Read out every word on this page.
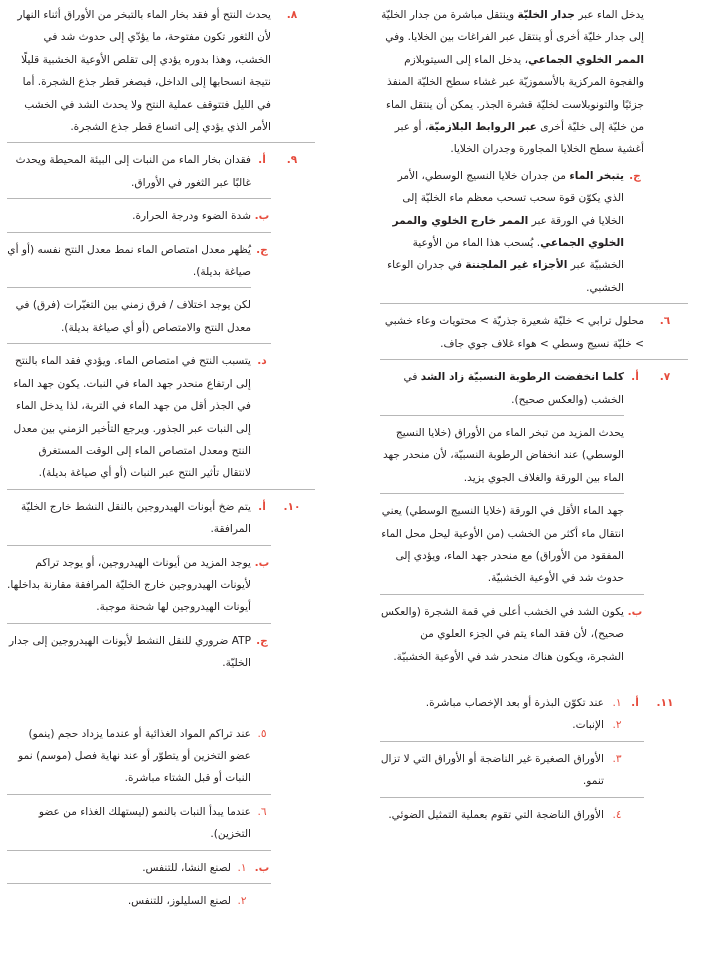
يدخل الماء عبر جدار الخليّة وينتقل مباشرة من جدار الخليّة إلى جدار خليّة أخرى أو ينتقل عبر الفراغات بين الخلايا. وفي الممر الخلوي الجماعي، يدخل الماء إلى السيتوبلازم والفجوة المركزية بالأسموزيّة عبر غشاء سطح الخليّة المنفذ جزئيًا والتونوبلاست لخليّة قشرة الجذر. يمكن أن ينتقل الماء من خليّة إلى خليّة أخرى عبر الروابط البلازميّة، أو عبر أغشية سطح الخلايا المجاورة وجدران الخلايا.

ج.

يتبخر الماء من جدران خلايا النسيج الوسطي، الأمر الذي يكوّن قوة سحب تسحب معظم ماء الخليّة إلى الخلايا في الورقة عبر الممر خارج الخلوي والممر الخلوي الجماعي. يُسحب هذا الماء من الأوعية الخشبيّة عبر الأجزاء غير الملجننة في جدران الوعاء الخشبي.

٦.

محلول ترابي > خليّة شعيرة جذريّة > محتويات وعاء خشبي > خليّة نسيج وسطي > هواء غلاف جوي جاف.

٧.
أ.

كلما انخفضت الرطوبة النسبيّة زاد الشد في الخشب (والعكس صحيح).

يحدث المزيد من تبخر الماء من الأوراق (خلايا النسيج الوسطي) عند انخفاض الرطوبة النسبيّة، لأن منحدر جهد الماء بين الورقة والغلاف الجوي يزيد.

جهد الماء الأقل في الورقة (خلايا النسيج الوسطي) يعني انتقال ماء أكثر من الخشب (من الأوعية ليحل محل الماء المفقود من الأوراق) مع منحدر جهد الماء، ويؤدي إلى حدوث شد في الأوعية الخشبيّة.

ب.

يكون الشد في الخشب أعلى في قمة الشجرة (والعكس صحيح)، لأن فقد الماء يتم في الجزء العلوي من الشجرة، ويكون هناك منحدر شد في الأوعية الخشبيّة.

١١.
أ.
١.

عند تكوّن البذرة أو بعد الإخصاب مباشرة.

٢.

الإنبات.

٣.

الأوراق الصغيرة غير الناضجة أو الأوراق التي لا تزال تنمو.

٤.

الأوراق الناضجة التي تقوم بعملية التمثيل الضوئي.

٨.

يحدث النتح أو فقد بخار الماء بالتبخر من الأوراق أثناء النهار لأن الثغور تكون مفتوحة، ما يؤدّي إلى حدوث شد في الخشب، وهذا بدوره يؤدي إلى تقلص الأوعية الخشبية قليلًا نتيجة انسحابها إلى الداخل، فيصغر قطر جذع الشجرة. أما في الليل فتتوقف عملية النتح ولا يحدث الشد في الخشب الأمر الذي يؤدي إلى اتساع قطر جذع الشجرة.

٩.
أ.

فقدان بخار الماء من النبات إلى البيئة المحيطة ويحدث غالبًا عبر الثغور في الأوراق.

ب.

شدة الضوء ودرجة الحرارة.

ج.

يُظهر معدل امتصاص الماء نمط معدل النتح نفسه (أو أي صياغة بديلة).

لكن يوجد اختلاف / فرق زمني بين التغيّرات (فرق) في معدل النتح والامتصاص (أو أي صياغة بديلة).

د.

يتسبب النتح في امتصاص الماء. ويؤدي فقد الماء بالنتح إلى ارتفاع منحدر جهد الماء في النبات. يكون جهد الماء في الجذر أقل من جهد الماء في التربة، لذا يدخل الماء إلى النبات عبر الجذور. ويرجع التأخير الزمني بين معدل النتح ومعدل امتصاص الماء إلى الوقت المستغرق لانتقال تأثير النتح عبر النبات (أو أي صياغة بديلة).

١٠.
أ.

يتم ضخ أيونات الهيدروجين بالنقل النشط خارج الخليّة المرافقة.

ب.

يوجد المزيد من أيونات الهيدروجين، أو يوجد تراكم لأيونات الهيدروجين خارج الخليّة المرافقة مقارنة بداخلها. أيونات الهيدروجين لها شحنة موجبة.

ج.

ATP ضروري للنقل النشط لأيونات الهيدروجين إلى جدار الخليّة.

٥.

عند تراكم المواد الغذائية أو عندما يزداد حجم (ينمو) عضو التخزين أو يتطوّر أو عند نهاية فصل (موسم) نمو النبات أو قبل الشتاء مباشرة.

٦.

عندما يبدأ النبات بالنمو (ليستهلك الغذاء من عضو التخزين).

ب.
١.

لصنع النشا، للتنفس.

٢.

لصنع السليلوز، للتنفس.
